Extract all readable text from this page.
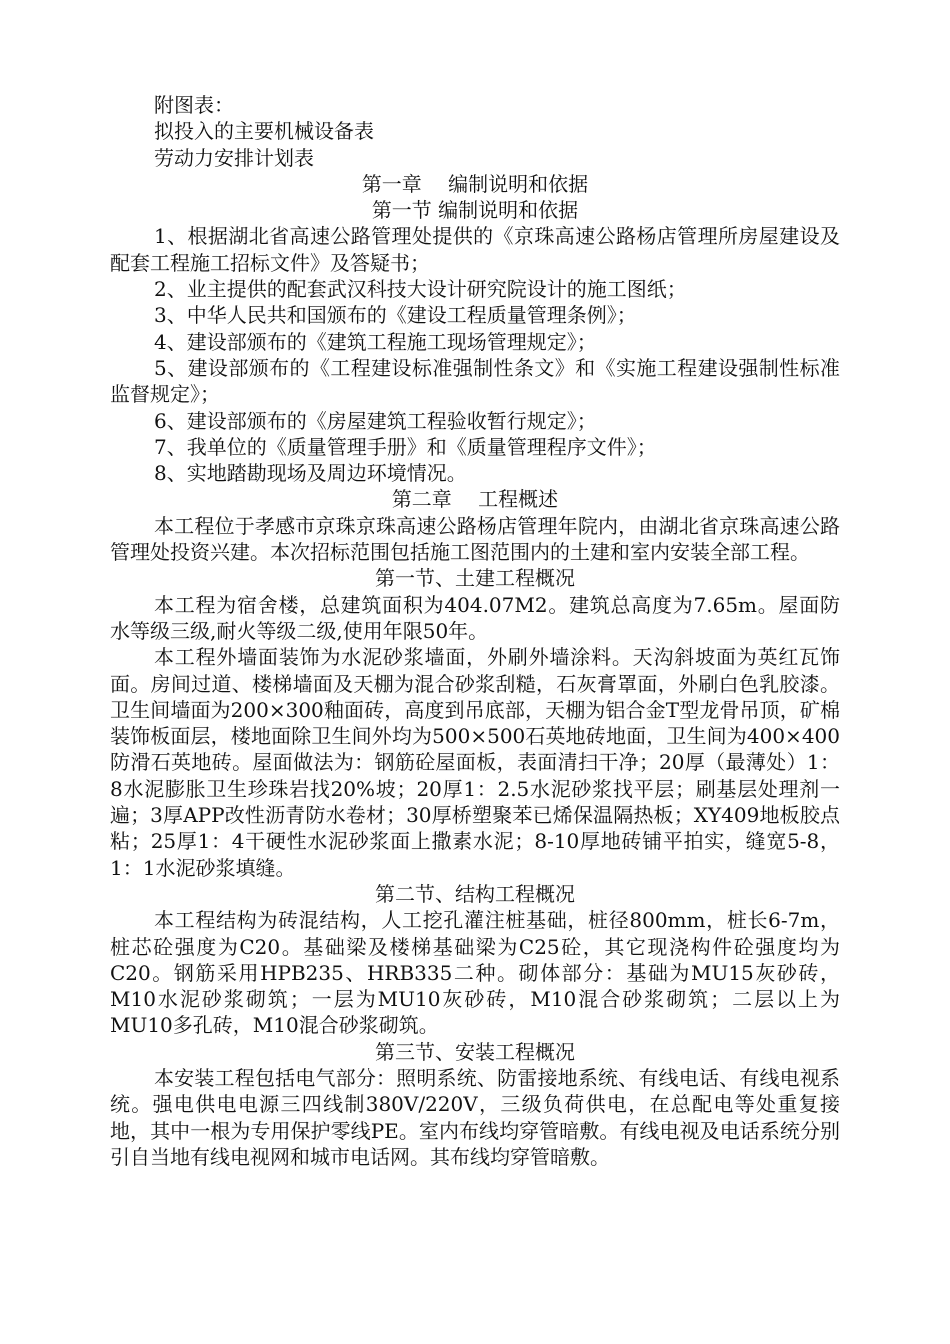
附图表：

拟投入的主要机械设备表

劳动力安排计划表

第一章　 编制说明和依据

第一节 编制说明和依据

1、根据湖北省高速公路管理处提供的《京珠高速公路杨店管理所房屋建设及配套工程施工招标文件》及答疑书；

2、业主提供的配套武汉科技大设计研究院设计的施工图纸；

3、中华人民共和国颁布的《建设工程质量管理条例》；

4、建设部颁布的《建筑工程施工现场管理规定》；

5、建设部颁布的《工程建设标准强制性条文》和《实施工程建设强制性标准监督规定》；

6、建设部颁布的《房屋建筑工程验收暂行规定》；

7、我单位的《质量管理手册》和《质量管理程序文件》；

8、实地踏勘现场及周边环境情况。

第二章　 工程概述

本工程位于孝感市京珠京珠高速公路杨店管理年院内，由湖北省京珠高速公路管理处投资兴建。本次招标范围包括施工图范围内的土建和室内安装全部工程。

第一节、土建工程概况

本工程为宿舍楼，总建筑面积为404.07M2。建筑总高度为7.65m。屋面防水等级三级,耐火等级二级,使用年限50年。

本工程外墙面装饰为水泥砂浆墙面，外刷外墙涂料。天沟斜坡面为英红瓦饰面。房间过道、楼梯墙面及天棚为混合砂浆刮糙，石灰膏罩面，外刷白色乳胶漆。卫生间墙面为200×300釉面砖，高度到吊底部，天棚为铝合金T型龙骨吊顶，矿棉装饰板面层，楼地面除卫生间外均为500×500石英地砖地面，卫生间为400×400防滑石英地砖。屋面做法为：钢筋砼屋面板，表面清扫干净；20厚（最薄处）1：8水泥膨胀卫生珍珠岩找20%坡；20厚1：2.5水泥砂浆找平层；刷基层处理剂一遍；3厚APP改性沥青防水卷材；30厚桥塑聚苯已烯保温隔热板；XY409地板胶点粘；25厚1：4干硬性水泥砂浆面上撒素水泥；8-10厚地砖铺平拍实，缝宽5-8，1：1水泥砂浆填缝。

第二节、结构工程概况

本工程结构为砖混结构，人工挖孔灌注桩基础，桩径800mm，桩长6-7m，桩芯砼强度为C20。基础梁及楼梯基础梁为C25砼，其它现浇构件砼强度均为C20。钢筋采用HPB235、HRB335二种。砌体部分：基础为MU15灰砂砖，M10水泥砂浆砌筑；一层为MU10灰砂砖，M10混合砂浆砌筑；二层以上为MU10多孔砖，M10混合砂浆砌筑。

第三节、安装工程概况

本安装工程包括电气部分：照明系统、防雷接地系统、有线电话、有线电视系统。强电供电电源三四线制380V/220V，三级负荷供电，在总配电等处重复接地，其中一根为专用保护零线PE。室内布线均穿管暗敷。有线电视及电话系统分别引自当地有线电视网和城市电话网。其布线均穿管暗敷。
